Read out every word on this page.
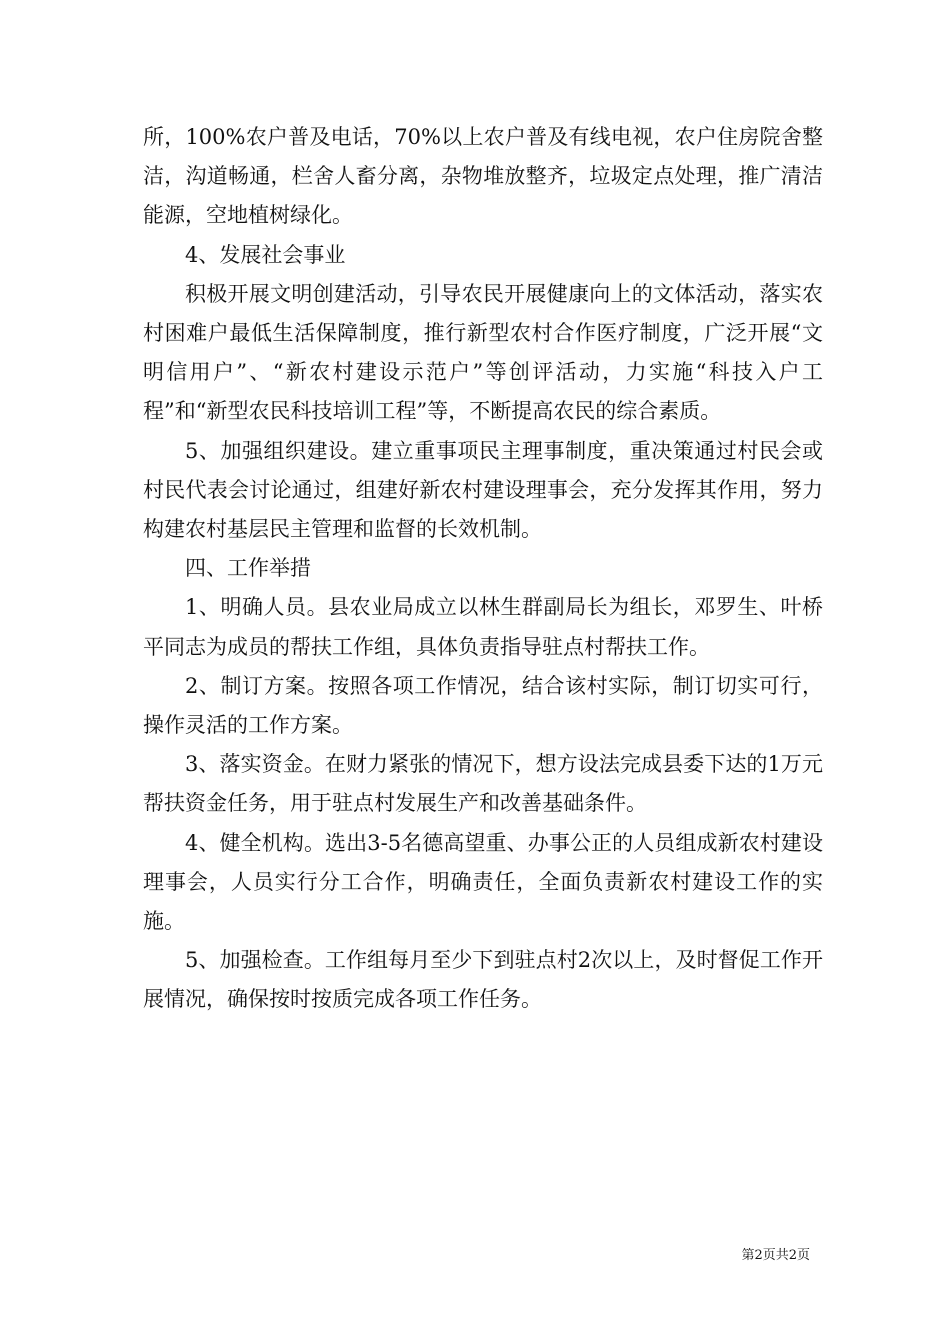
所，100%农户普及电话，70%以上农户普及有线电视，农户住房院舍整洁，沟道畅通，栏舍人畜分离，杂物堆放整齐，垃圾定点处理，推广清洁能源，空地植树绿化。

4、发展社会事业

积极开展文明创建活动，引导农民开展健康向上的文体活动，落实农村困难户最低生活保障制度，推行新型农村合作医疗制度，广泛开展“文明信用户”、“新农村建设示范户”等创评活动，力实施“科技入户工程”和“新型农民科技培训工程”等，不断提高农民的综合素质。

5、加强组织建设。建立重事项民主理事制度，重决策通过村民会或村民代表会讨论通过，组建好新农村建设理事会，充分发挥其作用，努力构建农村基层民主管理和监督的长效机制。

四、工作举措

1、明确人员。县农业局成立以林生群副局长为组长，邓罗生、叶桥平同志为成员的帮扶工作组，具体负责指导驻点村帮扶工作。

2、制订方案。按照各项工作情况，结合该村实际，制订切实可行，操作灵活的工作方案。

3、落实资金。在财力紧张的情况下，想方设法完成县委下达的1万元帮扶资金任务，用于驻点村发展生产和改善基础条件。

4、健全机构。选出3-5名德高望重、办事公正的人员组成新农村建设理事会，人员实行分工合作，明确责任，全面负责新农村建设工作的实施。

5、加强检查。工作组每月至少下到驻点村2次以上，及时督促工作开展情况，确保按时按质完成各项工作任务。

第2页共2页
